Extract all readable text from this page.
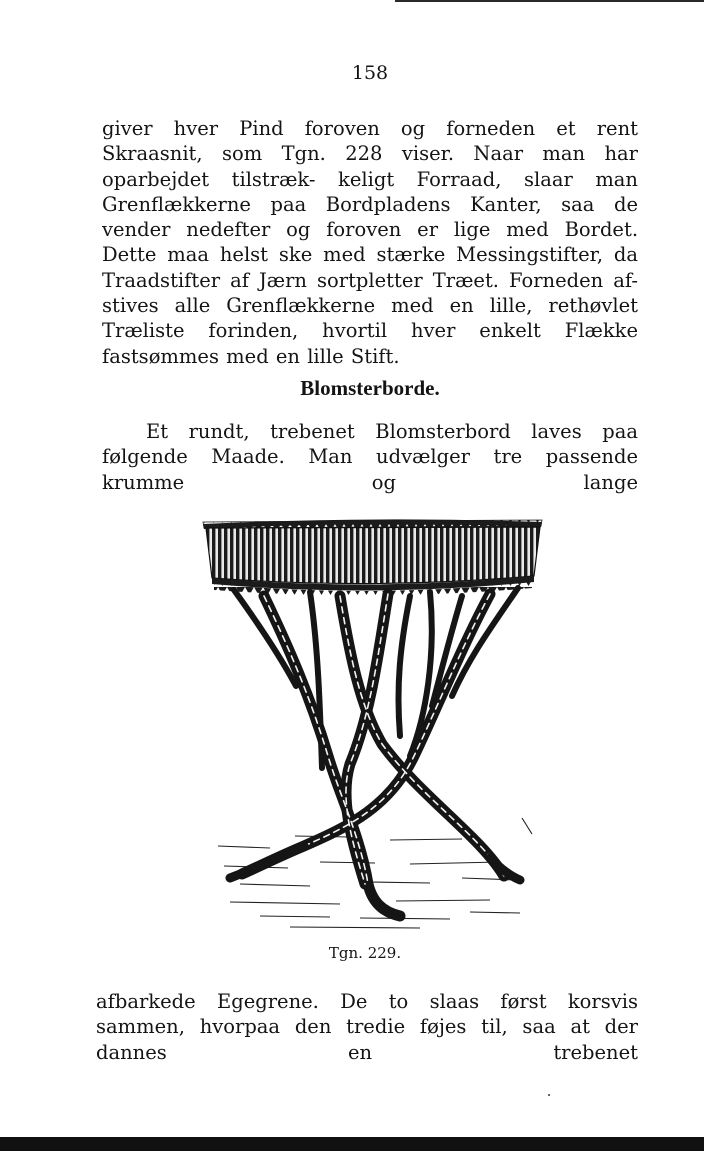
158

giver hver Pind foroven og forneden et rent Skraasnit, som Tgn. 228 viser. Naar man har oparbejdet tilstræk- keligt Forraad, slaar man Grenflækkerne paa Bordpladens Kanter, saa de vender nedefter og foroven er lige med Bordet. Dette maa helst ske med stærke Messingstifter, da Traadstifter af Jærn sortpletter Træet. Forneden af- stives alle Grenflækkerne med en lille, rethøvlet Træliste forinden, hvortil hver enkelt Flække fastsømmes med en lille Stift.

Blomsterborde.

Et rundt, trebenet Blomsterbord laves paa følgende Maade. Man udvælger tre passende krumme og lange

Tgn. 229.

afbarkede Egegrene. De to slaas først korsvis sammen, hvorpaa den tredie føjes til, saa at der dannes en trebenet
